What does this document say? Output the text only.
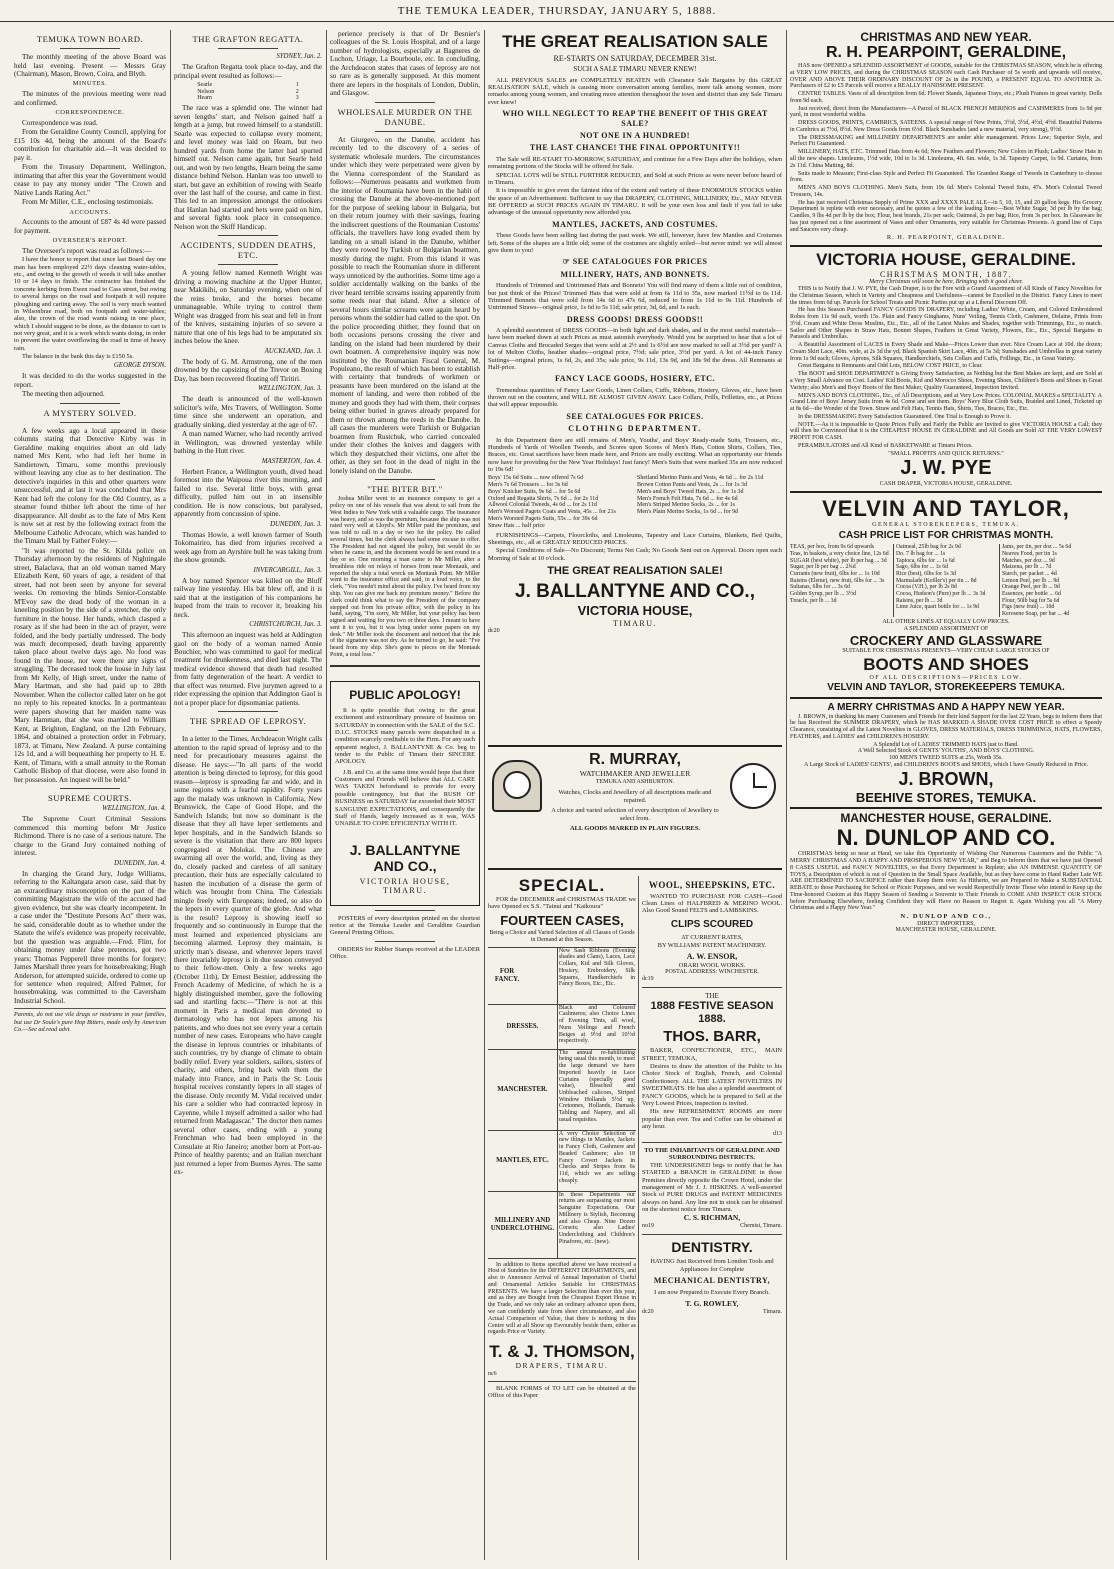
THE TEMUKA LEADER, THURSDAY, JANUARY 5, 1888.
TEMUKA TOWN BOARD.

The monthly meeting of the above Board was held last evening. Present — Messrs Gray (Chairman), Mason, Brown, Coira, and Blyth.

MINUTES.

The minutes of the previous meeting were read and confirmed.

CORRESPONDENCE.

Correspondence was read.

From the Geraldine County Council, applying for £15 10s 4d, being the amount of the Board's contribution for charitable aid.—It was decided to pay it.

From the Treasury Department, Wellington, intimating that after this year the Government would cease to pay any money under "The Crown and Native Lands Rating Act."

From Mr Miller, C.E., enclosing testimonials.

ACCOUNTS.

Accounts to the amount of £87 4s 4d were passed for payment.

OVERSEER'S REPORT.

The Overseer's report was read as follows:—

I have the honor to report that since last Board day one man has been employed 22½ days cleaning water-tables, etc., and owing to the growth of weeds it will take another 10 or 14 days to finish. The contractor has finished the concrete kerbing from Ewen road to Cass street, but owing to several lumps on the road and footpath it will require ploughing and carting away. The soil is very much wanted in Wilsonbrae road, both on footpath and water-tables; also, the crown of the road wants raising in one place, which I should suggest to be done, as the distance to cart is not very great, and it is a work which wants doing, in order to prevent the water overflowing the road in time of heavy rain.

The balance in the bank this day is £150 5s.

GEORGE DYSON.

It was decided to do the works suggested in the report.

The meeting then adjourned.

A MYSTERY SOLVED.

A few weeks ago a local appeared in these columns stating that Detective Kirby was in Geraldine making enquiries about an old lady named Mrs Kent, who had left her home in Sandietown, Timaru, some months previously without leaving any clue as to her destination. The detective's inquiries in this and other quarters were unsuccessful, and at last it was concluded that Mrs Kent had left the colony for the Old Country, as a steamer found thither left about the time of her disappearance. All doubt as to the fate of Mrs Kent is now set at rest by the following extract from the Melbourne Catholic Advocate, which was handed to the Timaru Mail by Father Foley:—

"It was reported to the St. Kilda police on Thursday afternoon by the residents of Nightingale street, Balaclava, that an old woman named Mary Elizabeth Kent, 60 years of age, a resident of that street, had not been seen by anyone for several weeks. On removing the blinds Senior-Constable M'Evoy saw the dead body of the woman in a kneeling position by the side of a stretcher, the only furniture in the house. Her hands, which clasped a rosary as if she had been in the act of prayer, were folded, and the body partially undressed. The body was much decomposed, death having apparently taken place about twelve days ago. No food was found in the house, nor were there any signs of struggling. The deceased took the house in July last from Mr Kelly, of High street, under the name of Mary Hartman, and she had paid up to 28th November. When the collector called later on he got no reply to his repeated knocks. In a portmanteau were papers showing that her maiden name was Mary Hamman, that she was married to William Kent, at Brighton, England, on the 12th February, 1864, and obtained a protection order in February, 1873, at Timaru, New Zealand. A purse containing 12s 1d, and a will bequeathing her property to H. E. Kent, of Timaru, with a small annuity to the Roman Catholic Bishop of that diocese, were also found in her possession. An inquest will be held."

SUPREME COURTS.
WELLINGTON, Jan. 4.

The Supreme Court Criminal Sessions commenced this morning before Mr Justice Richmond. There is no case of a serious nature. The charge to the Grand Jury contained nothing of interest.

DUNEDIN, Jan. 4.

In charging the Grand Jury, Judge Williams, referring to the Kaltangata arson case, said that by an extraordinary misconception on the part of the committing Magistrate the wife of the accused had given evidence, but she was clearly incompetent. In a case under the "Destitute Persons Act" there was, he said, considerable doubt as to whether under the Statute the wife's evidence was properly receivable, but the question was arguable.—Fred. Flint, for obtaining money under false pretences, got two years; Thomas Pepperell three months for forgery; James Marshall three years for housebreaking; Hugh Anderson, for attempted suicide, ordered to come up for sentence when required; Alfred Palmer, for housebreaking, was committed to the Caversham Industrial School.

Parents, do not use vile drugs or nostrums in your families, but use Dr Soule's pure Hop Bitters, made only by American Co.—See ad.read advt.
THE GRAFTON REGATTA.
SYDNEY, Jan. 2.

The Grafton Regatta took place to-day, and the principal event resulted as follows:—

Searle	1
Nelson	2
Hearn	3

The race was a splendid one. The winner had seven lengths' start, and Nelson gained half a length at a jump, but rowed himself to a standstill. Searle was expected to collapse every moment, and level money was laid on Hearn, but two hundred yards from home the latter had spurted himself out. Nelson came again, but Searle held out, and won by two lengths, Hearn being the same distance behind Nelson. Hanlan was too unwell to start, but gave an exhibition of rowing with Searle over the last half of the course, and came in first. This led to an impression amongst the onlookers that Hanlan had started and bets were paid on him, and several fights took place in consequence. Nelson won the Skiff Handicap.

ACCIDENTS, SUDDEN DEATHS, ETC.

A young fellow named Kenneth Wright was driving a mowing machine at the Upper Hunter, near Makikihi, on Saturday evening, when one of the reins broke, and the horses became unmanageable. While trying to control them Wright was dragged from his seat and fell in front of the knives, sustaining injuries of so severe a nature that one of his legs had to be amputated six inches below the knee.

AUCKLAND, Jan. 3.

The body of G. M. Armstrong, one of the men drowned by the capsizing of the Trevor on Boxing Day, has been recovered floating off Tiritiri.

WELLINGTON, Jan. 3.

The death is announced of the well-known solicitor's wife, Mrs Travers, of Wellington. Some time since she underwent an operation, and gradually sinking, died yesterday at the age of 67.

A man named Warner, who had recently arrived in Wellington, was drowned yesterday while bathing in the Hutt river.

MASTERTON, Jan. 4.

Herbert France, a Wellington youth, dived head foremost into the Waipoua river this morning, and failed to rise. Several little boys, with great difficulty, pulled him out in an insensible condition. He is now conscious, but paralysed, apparently from concussion of spine.

DUNEDIN, Jan. 3.

Thomas Howie, a well known farmer of South Tokomairiro, has died from injuries received a week ago from an Ayrshire bull he was taking from the show grounds.

INVERCARGILL, Jan. 3.

A boy named Spencer was killed on the Bluff railway line yesterday. His bat blew off, and it is said that at the instigation of his companions he leaped from the train to recover it, breaking his neck.

CHRISTCHURCH, Jan. 3.

This afternoon an inquest was held at Addington gaol on the body of a woman named Annie Bouchier, who was committed to gaol for medical treatment for drunkenness, and died last night. The medical evidence showed that death had resulted from fatty degeneration of the heart. A verdict to that effect was returned. Five jurymen agreed to a rider expressing the opinion that Addington Gaol is not a proper place for dipsomaniac patients.

THE SPREAD OF LEPROSY.

In a letter to the Times, Archdeacon Wright calls attention to the rapid spread of leprosy and to the need for precautionary measures against the disease. He says:—"In all parts of the world attention is being directed to leprosy, for this good reason—leprosy is spreading far and wide, and in some regions with a fearful rapidity. Forty years ago the malady was unknown in California, New Brunswick, the Cape of Good Hope, and the Sandwich Islands; but now so dominant is the disease that they all have leper settlements and leper hospitals, and in the Sandwich Islands so severe is the visitation that there are 800 lepers congregated at Molokai. The Chinese are swarming all over the world, and, living as they do, closely packed and careless of all sanitary precaution, their huts are especially calculated to hasten the incubation of a disease the germ of which was brought from China. The Celestials mingle freely with Europeans; indeed, so also do the lepers in every quarter of the globe. And what is the result? Leprosy is showing itself so frequently and so continuously in Europe that the most learned and experienced physicians are becoming alarmed. Leprosy they maintain, is strictly man's disease, and wherever lepers travel there invariably leprosy is in due season conveyed to their fellow-men. Only a few weeks ago (October 11th), Dr Ernest Besnier, addressing the French Academy of Medicine, of which he is a highly distinguished member, gave the following sad and startling facts:—"There is not at this moment in Paris a medical man devoted to dermatology who has not lepers among his patients, and who does not see every year a certain number of new cases. Europeans who have caught the disease in leprous countries or inhabitants of such countries, try by change of climate to obtain bodily relief. Every year soldiers, sailors, sisters of charity, and others, bring back with them the malady into France, and in Paris the St. Louis hospital receives constantly lepers in all stages of the disease. Only recently M. Vidal received under his care a soldier who had contracted leprosy in Cayenne, while I myself admitted a sailor who had returned from Madagascar." The doctor then names several other cases, ending with a young Frenchman who had been employed in the Consulate at Rio Janeiro; another born at Port-au-Prince of healthy parents; and an Italian merchant just returned a leper from Buenos Ayres. The same ex-

perience precisely is that of Dr Besnier's colleagues of the St. Louis Hospital, and of a large number of hydrologists, especially at Bagneres de Luchon, Uriage, La Bourboule, etc. In concluding, the Archdeacon states that cases of leprosy are not so rare as is generally supposed. At this moment there are lepers in the hospitals of London, Dublin, and Glasgow.

WHOLESALE MURDER ON THE DANUBE.

At Giurgevo, on the Danube, accident has recently led to the discovery of a series of systematic wholesale murders. The circumstances under which they were perpetrated were given by the Vienna correspondent of the Standard as follows:—Numerous peasants and workmen from the interior of Roumania have been in the habit of crossing the Danube at the above-mentioned port for the purpose of seeking labour in Bulgaria, but on their return journey with their savings, fearing the indiscreet questions of the Roumanian Customs' officials, the travellers have long evaded them by landing on a small island in the Danube, whither they were rowed by Turkish or Bulgarian boatmen, mostly during the night. From this island it was possible to reach the Roumanian shore in different ways unnoticed by the authorities. Some time ago a soldier accidentally walking on the banks of the river heard terrible screams issuing apparently from some reeds near that island. After a silence of several hours similar screams were again heard by persons whom the soldier had called to the spot. On the police proceeding thither, they found that on both occasions persons crossing the river and landing on the island had been murdered by their own boatmen. A comprehensive inquiry was now instituted by the Roumanian Fiscal General, M. Populeano, the result of which has been to establish with certainty that hundreds of workmen or peasants have been murdered on the island at the moment of landing, and were then robbed of the money and goods they had with them, their corpses being either buried in graves already prepared for them or thrown among the reeds in the Danube. In all cases the murderers were Turkish or Bulgarian boatmen from Rustchuk, who carried concealed under their clothes the knives and daggers with which they despatched their victims, one after the other, as they set foot in the dead of night in the lonely island on the Danube.

"THE BITER BIT."

Joshua Miller went to an insurance company to get a policy on one of his vessels that was about to sail from the West Indies to New York with a valuable cargo. The insurance was heavy, and so was the premium, because the ship was not rated very well at Lloyd's. Mr Miller paid the premium, and was told to call in a day or two for the policy. He called several times, but the clerk always had some excuse to offer. The President had not signed the policy, but would do so when he came in, and the document would be sent round in a day or so. One morning a man came to Mr Miller, after a breathless ride on relays of horses from near Montauk, and reported the ship a total wreck on Montauk Point. Mr Miller went to the insurance office and said, in a loud voice, to the clerk, "You needn't mind about the policy. I've heard from my ship. You can give me back my premium money." Before the clerk could think what to say the President of the company stepped out from his private office, with the policy in his hand, saying, "I'm sorry, Mr Miller, but your policy has been signed and waiting for you two or three days. I meant to have sent it to you, but it was lying under some papers on my desk." Mr Miller took the document and noticed that the ink of the signature was not dry. As he turned to go, he said: "I've heard from my ship. She's gone to pieces on the Montauk Point, a total loss."

PUBLIC APOLOGY!

It is quite possible that owing to the great excitement and extraordinary pressure of business on SATURDAY in connection with the SALE of the S.C. D.I.C. STOCKS many parcels were despatched in a condition scarcely creditable to the Firm. For any such apparent neglect, J. BALLANTYNE & Co. beg to tender to the Public of Timaru their SINCERE APOLOGY.

J.B. and Co. at the same time would hope that their Customers and Friends will believe that ALL CARE WAS TAKEN beforehand to provide for every possible contingency, but that the RUSH OF BUSINESS on SATURDAY far exceeded their MOST SANGUINE EXPECTATIONS, and consequently the Staff of Hands, largely increased as it was, WAS UNABLE TO COPE EFFICIENTLY WITH IT.

J. BALLANTYNE AND CO.,
VICTORIA HOUSE,
TIMARU.

POSTERS of every description printed on the shortest notice at the Temuka Leader and Geraldine Guardian General Printing Offices.

ORDERS for Rubber Stamps received at the LEADER Office.

THE GREAT REALISATION SALE
RE-STARTS ON SATURDAY, DECEMBER 31st.
SUCH A SALE TIMARU NEVER KNEW!

ALL PREVIOUS SALES are COMPLETELY BEATEN with Clearance Sale Bargains by this GREAT REALISATION SALE, which is causing more conversation among families, more talk among women, more remarks among young women, and creating more attention throughout the town and district than any Sale Timaru ever knew!

WHO WILL NEGLECT TO REAP THE BENEFIT OF THIS GREAT SALE?
NOT ONE IN A HUNDRED!
THE LAST CHANCE! THE FINAL OPPORTUNITY!!

The Sale will RE-START TO-MORROW, SATURDAY, and continue for a Few Days after the holidays, when remaining portions of the Stocks will be offered for Sale.

SPECIAL LOTS will be STILL FURTHER REDUCED, and Sold at such Prices as were never before heard of in Timaru.

It is impossible to give even the faintest idea of the extent and variety of these ENORMOUS STOCKS within the space of an Advertisement. Sufficient to say that DRAPERY, CLOTHING, MILLINERY, Etc., MAY NEVER BE OFFERED at SUCH PRICES AGAIN IN TIMARU. It will be your own loss and fault if you fail to take advantage of the unusual opportunity now afforded you.

MANTLES, JACKETS, AND COSTUMES.

These Goods have been selling fast during the past week. We still, however, have few Mantles and Costumes left. Some of the shapes are a little old; some of the costumes are slightly soiled—but never mind: we will almost give them to you!

☞ SEE CATALOGUES FOR PRICES
MILLINERY, HATS, AND BONNETS.

Hundreds of Trimmed and Untrimmed Hats and Bonnets! You will find many of them a little out of condition, but just think of the Prices! Trimmed Hats that were sold at from 6s 11d to 35s, now marked 11½d to 6s 11d. Trimmed Bonnets that were sold from 14s 6d to 47s 6d, reduced to from 1s 11d to 9s 11d. Hundreds of Untrimmed Straws—original price, 1s 6d to 5s 11d; sale price, 3d, 6d, and 1s each.

DRESS GOODS! DRESS GOODS!!

A splendid assortment of DRESS GOODS—in both light and dark shades, and in the most useful materials—have been marked down at such Prices as must astonish everybody. Would you be surprised to hear that a lot of Canvas Cloths and Brocaded Serges that were sold at 2½ and 1s 6½d are now marked to sell at 3½d per yard? A lot of Melton Cloths, heather shades—original price, 7½d; sale price, 3½d per yard. A lot of 44-inch Fancy Suitings—original prices, 1s 6d, 2s, and 35s; sale price, 9s 11d, 13s 9d, and 18s 9d the dress. All Remnants at Half-price.

FANCY LACE GOODS, HOSIERY, ETC.

Tremendous quantities of Fancy Lace Goods, Linen Collars, Cuffs, Ribbons, Hosiery, Gloves, etc., have been thrown out on the counters, and WILL BE ALMOST GIVEN AWAY. Lace Collars, Frills, Frillettes, etc., at Prices that will appear impossible.

SEE CATALOGUES FOR PRICES.
CLOTHING DEPARTMENT.

In this Department there are still remains of Men's, Youths', and Boys' Ready-made Suits, Trousers, etc., Hundreds of Yards of Woollen Tweeds, and Scores upon Scores of Men's Hats, Cotton Shirts, Collars, Ties, Braces, etc. Great sacrifices have been made here, and Prices are really exciting. What an opportunity our friends now have for providing for the New Year Holidays! Just fancy! Men's Suits that were marked 35s are now reduced to 19s 6d!

Boys' 15s 6d Suits ... now offered 7s 6d
Men's 7s 6d Trousers ... for 3s 6d
Boys' Knicker Suits, 9s 6d ... for 5s 6d
Oxford and Regatta Shirts, 7s 6d ... for 2s 11d
Allwool Colonial Tweeds, 4s 6d ... for 2s 11d
Men's Worsted Pagets Coats and Vests, 45s ... for 21s
Men's Worsted Pagets Suits, 55s ... for 39s 6d
Straw Hats ... half price
Shetland Merino Pants and Vests, 4s 6d ... for 2s 11d
Brown Cotton Pants and Vests, 2s ... for 1s 3d
Men's and Boys' Tweed Hats, 2s ... for 1s 3d
Men's French Felt Hats, 7s 6d ... for 4s 6d
Men's Striped Merino Socks, 2s ... for 1s
Men's Plain Merino Socks, 1s 6d ... for 9d

FURNISHINGS—Carpets, Floorcloths, and Linoleums, Tapestry and Lace Curtains, Blankets, Bed Quilts, Sheetings, etc., all at GREATLY REDUCED PRICES.

Special Conditions of Sale—No Discount; Terms Net Cash; No Goods Sent out on Approval. Doors open each Morning of Sale at 10 o'clock.

THE GREAT REALISATION SALE!
J. BALLANTYNE AND CO.,
VICTORIA HOUSE,
TIMARU.
dc20
R. MURRAY,
WATCHMAKER AND JEWELLER
TEMUKA AND ASHBURTON.

Watches, Clocks and Jewellery of all descriptions made and repaired.

A choice and varied selection of every description of Jewellery to select from.

ALL GOODS MARKED IN PLAIN FIGURES.
SPECIAL.

FOR the DECEMBER and CHRISTMAS TRADE we have Opened ex S.S. "Tainui and "Kaikoura"

FOURTEEN CASES,

Being a Choice and Varied Selection of all Classes of Goods in Demand at this Season.

FOR FANCY.
New Sash Ribbons (Evening shades and Clans), Laces, Lace Collars, Kid and Silk Gloves, Hosiery, Embroidery, Silk Squares, Handkerchiefs in Fancy Boxes, Etc., Etc.

DRESSES.
Black and Coloured Cashmeres; also Choice Lines of Evening Tints, all wool, Nuns Veilings and French Beiges at 9½d and 10½d respectively.

MANCHESTER.
The annual re-habilitating being usual this month, to meet the large demand we have Imported heavily in Lace Curtains (specially good value), Bleached and Unbleached calicoes, Striped Window Hollands 5½d up, Cretonnes, Hollands, Damask Tabling and Napery, and all usual requisites.

MANTLES, ETC.
A very Choice Selection of new things in Mantles, Jackets in Fancy Cloth, Cashmere and Beaded Cashmere; also 18 Fancy Covert Jackets in Checks and Stripes from 6s 11d, which we are selling cheaply.

MILLINERY AND UNDERCLOTHING.
In these Departments our returns are surpassing our most Sanguine Expectations. Our Millinery is Stylish, Becoming and also Cheap. Nine Dozen Corsets; also Ladies' Underclothing and Children's Pinafores, etc. (new).

In addition to Items specified above we have received a Host of Sundries for the DIFFERENT DEPARTMENTS, and also to Announce Arrival of Annual Importation of Useful and Ornamental Articles Suitable for CHRISTMAS PRESENTS. We have a larger Selection than ever this year, and as they are Bought from the Cheapest Export House in the Trade, and we only take an ordinary advance upon them, we can confidently state from sheer circumstance, and also Actual Comparison of Value, that there is nothing in this Centre will at all Show up Favourably beside them, either as regards Price or Variety.

T. & J. THOMSON,
DRAPERS, TIMARU.
nc6

BLANK FORMS of TO LET can be obtained at the Office of this Paper

WOOL, SHEEPSKINS, ETC.

WANTED TO PURCHASE FOR CASH—Good Clean Lines of HALFBRED & MERINO WOOL. Also Good Sound FELTS and LAMBSKINS.

CLIPS SCOURED
AT CURRENT RATES,
BY WILLIAMS' PATENT MACHINERY.
A. W. ENSOR,
ORARI WOOL WORKS.
POSTAL ADDRESS: WINCHESTER.
dc19
THE
1888 FESTIVE SEASON 1888.
THOS. BARR,

BAKER, CONFECTIONER, ETC., MAIN STREET, TEMUKA,

Desires to draw the attention of the Public to his Choice Stock of English, French, and Colonial Confectionery. ALL THE LATEST NOVELTIES IN SWEETMEATS. He has also a splendid assortment of FANCY GOODS, which he is prepared to Sell at the Very Lowest Prices, inspection is invited.

His new REFRESHMENT ROOMS are more popular than ever. Tea and Coffee can be obtained at any hour.

d13
TO THE INHABITANTS OF GERALDINE AND SURROUNDING DISTRICTS.

THE UNDERSIGNED begs to notify that he has STARTED a BRANCH in GERALDINE in those Premises directly opposite the Crown Hotel, under the management of Mr J. J. HISKENS. A well-assorted Stock of PURE DRUGS and PATENT MEDICINES always on hand. Any line not in stock can be obtained on the shortest notice from Timaru.

C. S. RICHMAN,
no19	Chemist, Timaru.
DENTISTRY.

HAVING Just Received from London Tools and Appliances for Complete

MECHANICAL DENTISTRY,

I am now Prepared to Execute Every Branch.

T. G. ROWLEY,
dc20	Timaru.
CHRISTMAS AND NEW YEAR.
R. H. PEARPOINT, GERALDINE,

HAS now OPENED a SPLENDID ASSORTMENT of GOODS, suitable for the CHRISTMAS SEASON, which he is offering at VERY LOW PRICES, and during the CHRISTMAS SEASON each Cash Purchaser of 5s worth and upwards will receive, OVER AND ABOVE THEIR ORDINARY DISCOUNT OF 2s in the POUND, a PRESENT EQUAL TO ANOTHER 2s. Purchasers of £2 to £5 Parcels will receive a REALLY HANDSOME PRESENT.

CENTRE TABLES. Vases of all description from 6d. Flower Stands, Japanese Trays, etc.; Plush Frames in great variety. Dolls from 9d each.

Just received, direct from the Manufacturers—A Parcel of BLACK FRENCH MERINOS and CASHMERES from 1s 9d per yard, in most wonderful widths.

DRESS GOODS, PRINTS, CAMBRICS, SATEENS. A special range of New Prints, 3½d, 3½d, 4½d, 4½d. Beautiful Patterns in Cambrics at 7½d, 8½d. New Dress Goods from 6½d. Black Sunshades (and a new material, very strong), 9½d.

The DRESSMAKING and MILLINERY DEPARTMENTS are under able management. Prices Low; Superior Style, and Perfect Fit Guaranteed.

MILLINERY, HATS, ETC. Trimmed Hats from 4s 6d; New Feathers and Flowers; New Colors in Plush; Ladies' Straw Hats in all the new shapes. Linoleums, 1½d wide, 10d to 1s 3d. Linoleums, 4ft. 6in. wide, 1s 3d. Tapestry Carpet, 1s 9d. Curtains, from 2s 11d. China Matting, 8d.

Suits made to Measure; First-class Style and Perfect Fit Guaranteed. The Grandest Range of Tweeds in Canterbury to choose from.

MEN'S AND BOYS CLOTHING. Men's Suits, from 19s 6d. Men's Colonial Tweed Suits, 47s. Men's Colonial Tweed Trousers, 14s.

He has just received Christmas Supply of Prime XXX and XXXX PALE ALE—in 5, 10, 15, and 20 gallon kegs. His Grocery Department is replete with ever necessary, and he quotes a few of the leading lines:—Best White Sugar, 3d per lb by the bag; Candles, 9 lbs 4d per lb by the box; Flour, best brands, 21s per sack; Oatmeal, 2s per bag; Rice, from 3s per box. In Glassware he has just opened out a fine assortment of Vases and other Ornaments, very suitable for Christmas Presents. A grand line of Cups and Saucers very cheap.

R. H. PEARPOINT, GERALDINE.
VICTORIA HOUSE, GERALDINE.
CHRISTMAS MONTH, 1887.
Merry Christmas will soon be here, Bringing with it good cheer.

THIS is to Notify that J. W. PYE, the Cash Draper, is to the Fore with a Grand Assortment of All Kinds of Fancy Novelties for the Christmas Season, which in Variety and Cheapness and Usefulness—cannot be Excelled in the District. Fancy Lines to meet the times from 6d up. Parcels for School Treats and Picnic Parties put up at a Liberal Discount Off.

He has this Season Purchased FANCY GOODS IN DRAPERY, including Ladies' White, Cream, and Colored Embroidered Robes from 11s 9d each, worth 15s. Plain and Fancy Ginghams, Nuns' Veiling, Tennis Cloth, Cashmere, Delaine, Prints from 3½d. Cream and White Dress Muslins, Etc., Etc., all of the Latest Makes and Shades, together with Trimmings, Etc., to match. Sailor and Other Shapes in Straw Hats, Bonnet Shapes, Feathers in Great Variety, Flowers, Etc., Etc., Special Bargains in Parasols and Umbrellas.

A Beautiful Assortment of LACES in Every Shade and Make—Prices Lower than ever. Nice Cream Lace at 10d. the dozen; Cream Skirt Lace, 40in. wide, at 2s 3d the yd; Black Spanish Skirt Lace, 40in. at 5s 3d; Sunshades and Umbrellas in great variety from 1s 9d each; Gloves, Aprons, Silk Squares, Handkerchiefs, Sets Collars and Cuffs, Frillings, Etc., in Great Variety.

Great Bargains in Remnants and Odd Lots, BELOW COST PRICE, to Clear.

The BOOT and SHOE DEPARTMENT is Giving Every Satisfaction, as Nothing but the Best Makes are kept, and are Sold at a Very Small Advance on Cost. Ladies' Kid Boots, Kid and Morocco Shoes, Evening Shoes, Children's Boots and Shoes in Great Variety; also Men's and Boys' Boots of the Best Maker, Quality Guaranteed, Inspection Invited.

MEN'S AND BOYS CLOTHING, Etc., of All Descriptions, and at Very Low Prices. COLONIAL MAKES a SPECIALITY. A Grand Line of Boys' Jersey Suits from 4s 6d. Come and see them. Boys' Navy Blue Cloth Suits, Braided and Lined, Ticketed up at 8s 6d—the Wonder of the Town. Straw and Felt Hats, Tennis Hats, Shirts, Ties, Braces, Etc., Etc.

In the DRESSMAKING Every Satisfaction Guaranteed. One Trial is Enough to Prove it.

NOTE.—As it is impossible to Quote Prices Fully and Fairly the Public are Invited to give VICTORIA HOUSE a Call; they will then be Convinced that it is the CHEAPEST HOUSE IN GERALDINE and All Goods are Sold AT THE VERY LOWEST PROFIT FOR CASH.

PERAMBULATORS and All Kind of BASKETWARE at Timaru Prices.

"SMALL PROFITS AND QUICK RETURNS."
J. W. PYE
CASH DRAPER, VICTORIA HOUSE, GERALDINE.
VELVIN AND TAYLOR,
GENERAL STOREKEEPERS, TEMUKA.
CASH PRICE LIST FOR CHRISTMAS MONTH.
TEAS, per box, from 9s 6d upwards
Teas, in baskets, a very choice line, 12s 6d
SUGAR (best white), per lb per bag ... 3d
Sugar, per lb per bag ... 2¾d
Currants (new fruit), 6lbs for ... 1s 10d
Raisins (Eleme), new fruit, 6lbs for ... 3s
Sultanas, 6lbs for ... 3s 6d
Golden Syrup, per lb ... 3½d
Treacle, per lb ... 3d
Oatmeal, 25lb bag for 2s 9d
Do. 7 lb bag for ... 1s
Tapioca, 6lbs for ... 1s 6d
Sago, 6lbs for ... 1s 6d
Rice (best), 6lbs for 1s 3d
Marmalade (Keiller's) per tin ... 8d
Cocoa (V.H.), per lb 2s 8d
Cocoa, Hudson's (Pure) per lb ... 3s 3d
Raisins, per lb ... 3d
Lime Juice, quart bottle for ... 1s 9d
Jams, per tin, per doz ... 5s 6d
Neaves Food, per tin 1s
Matches, per doz ... 9d
Maizena, per lb ... 7d
Starch, per packet ... 4d
Lemon Peel, per lb ... 9d
Orange Peel, per lb ... 9d
Essences, per bottle ... 6d
Flour, 50lb bag for 5s 6d
Figs (new fruit) ... 10d
Kerosene Soap, per bar ... 4d
ALL OTHER LINES AT EQUALLY LOW PRICES.
A SPLENDID ASSORTMENT OF
CROCKERY AND GLASSWARE
SUITABLE FOR CHRISTMAS PRESENTS—VERY CHEAP. LARGE STOCKS OF
BOOTS AND SHOES
OF ALL DESCRIPTIONS—PRICES LOW.
VELVIN AND TAYLOR, STOREKEEPERS TEMUKA.
A MERRY CHRISTMAS AND A HAPPY NEW YEAR.

J. BROWN, in thanking his many Customers and Friends for their kind Support for the last 22 Years, begs to inform them that he has Received the SUMMER DRAPERY, which he HAS MARKED A SHADE OVER COST PRICE to effect a Speedy Clearance, consisting of all the Latest Novelties in GLOVES, DRESS MATERIALS, DRESS TRIMMINGS, HATS, FLOWERS, FEATHERS, and LADIES' and CHILDREN'S HOSIERY.

A Splendid Lot of LADIES' TRIMMED HATS just to Hand.
A Well Selected Stock of GENTS' YOUTHS', AND BOYS' CLOTHING.
100 MEN'S TWEED SUITS at 25s, Worth 35s.
A Large Stock of LADIES' GENTS', and CHILDREN'S BOOTS and SHOES, which I have Greatly Reduced in Price.
J. BROWN,
BEEHIVE STORES, TEMUKA.
MANCHESTER HOUSE, GERALDINE.
N. DUNLOP AND CO.

CHRISTMAS being so near at Hand, we take this Opportunity of Wishing Our Numerous Customers and the Public "A MERRY CHRISTMAS AND A HAPPY AND PROSPEROUS NEW YEAR," and Beg to Inform them that we have just Opened 8 CASES USEFUL and FANCY NOVELTIES, so that Every Department is Replete; also AN IMMENSE QUANTITY OF TOYS, a Description of which is out of Question in the Small Space Available, but as they have come to Hand Rather Late WE ARE DETERMINED TO SACRIFICE rather than Keep them over. As Hitherto, we are Prepared to Make a SUBSTANTIAL REBATE to those Purchasing for School or Picnic Purposes, and we would Respectfully Invite Those who intend to Keep up the Time-honored Custom at this Happy Season of Sending a Souvenir to Their Friends to COME AND INSPECT OUR STOCK before Purchasing Elsewhere, feeling Confident they will Have no Reason to Regret it. Again Wishing you all "A Merry Christmas and a Happy New Year."

N. DUNLOP AND CO.,
DIRECT IMPORTERS,
MANCHESTER HOUSE, GERALDINE.
